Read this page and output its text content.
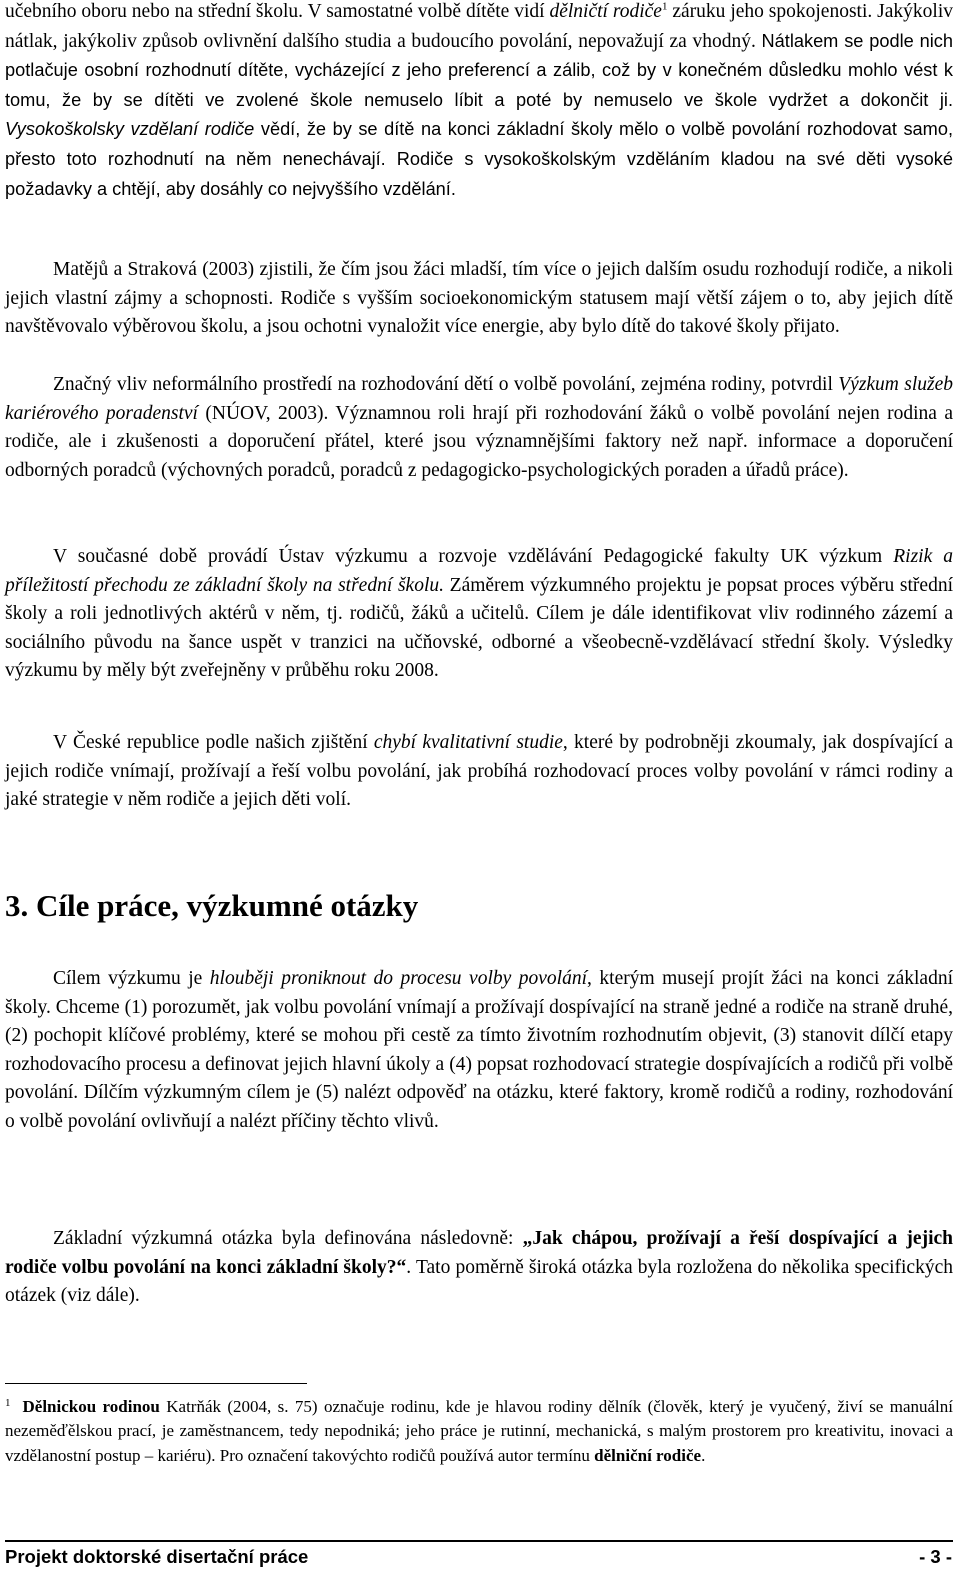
učebního oboru nebo na střední školu. V samostatné volbě dítěte vidí dělničtí rodiče$^1$ záruku jeho spokojenosti. Jakýkoliv nátlak, jakýkoliv způsob ovlivnění dalšího studia a budoucího povolání, nepovažují za vhodný. Nátlakem se podle nich potlačuje osobní rozhodnutí dítěte, vycházející z jeho preferencí a zálib, což by v konečném důsledku mohlo vést k tomu, že by se dítěti ve zvolené škole nemuselo líbit a poté by nemuselo ve škole vydržet a dokončit ji. Vysokoškolsky vzdělaní rodiče vědí, že by se dítě na konci základní školy mělo o volbě povolání rozhodovat samo, přesto toto rozhodnutí na něm nenechávají. Rodiče s vysokoškolským vzděláním kladou na své děti vysoké požadavky a chtějí, aby dosáhly co nejvyššího vzdělání.

Matějů a Straková (2003) zjistili, že čím jsou žáci mladší, tím více o jejich dalším osudu rozhodují rodiče, a nikoli jejich vlastní zájmy a schopnosti. Rodiče s vyšším socioekonomickým statusem mají větší zájem o to, aby jejich dítě navštěvovalo výběrovou školu, a jsou ochotni vynaložit více energie, aby bylo dítě do takové školy přijato.

Značný vliv neformálního prostředí na rozhodování dětí o volbě povolání, zejména rodiny, potvrdil Výzkum služeb kariérového poradenství (NÚOV, 2003). Významnou roli hrají při rozhodování žáků o volbě povolání nejen rodina a rodiče, ale i zkušenosti a doporučení přátel, které jsou významnějšími faktory než např. informace a doporučení odborných poradců (výchovných poradců, poradců z pedagogicko-psychologických poraden a úřadů práce).

V současné době provádí Ústav výzkumu a rozvoje vzdělávání Pedagogické fakulty UK výzkum Rizik a příležitostí přechodu ze základní školy na střední školu. Záměrem výzkumného projektu je popsat proces výběru střední školy a roli jednotlivých aktérů v něm, tj. rodičů, žáků a učitelů. Cílem je dále identifikovat vliv rodinného zázemí a sociálního původu na šance uspět v tranzici na učňovské, odborné a všeobecně-vzdělávací střední školy. Výsledky výzkumu by měly být zveřejněny v průběhu roku 2008.

V České republice podle našich zjištění chybí kvalitativní studie, které by podrobněji zkoumaly, jak dospívající a jejich rodiče vnímají, prožívají a řeší volbu povolání, jak probíhá rozhodovací proces volby povolání v rámci rodiny a jaké strategie v něm rodiče a jejich děti volí.

Cílem výzkumu je hlouběji proniknout do procesu volby povolání, kterým musejí projít žáci na konci základní školy. Chceme (1) porozumět, jak volbu povolání vnímají a prožívají dospívající na straně jedné a rodiče na straně druhé, (2) pochopit klíčové problémy, které se mohou při cestě za tímto životním rozhodnutím objevit, (3) stanovit dílčí etapy rozhodovacího procesu a definovat jejich hlavní úkoly a (4) popsat rozhodovací strategie dospívajících a rodičů při volbě povolání. Dílčím výzkumným cílem je (5) nalézt odpověď na otázku, které faktory, kromě rodičů a rodiny, rozhodování o volbě povolání ovlivňují a nalézt příčiny těchto vlivů.

Základní výzkumná otázka byla definována následovně: „Jak chápou, prožívají a řeší dospívající a jejich rodiče volbu povolání na konci základní školy?“. Tato poměrně široká otázka byla rozložena do několika specifických otázek (viz dále).

3. Cíle práce, výzkumné otázky

$^1$ Dělnickou rodinou Katrňák (2004, s. 75) označuje rodinu, kde je hlavou rodiny dělník (člověk, který je vyučený, živí se manuální nezeměďělskou prací, je zaměstnancem, tedy nepodniká; jeho práce je rutinní, mechanická, s malým prostorem pro kreativitu, inovaci a vzdělanostní postup – kariéru). Pro označení takovýchto rodičů používá autor termínu dělniční rodiče.

Projekt doktorské disertační práce	- 3 -
